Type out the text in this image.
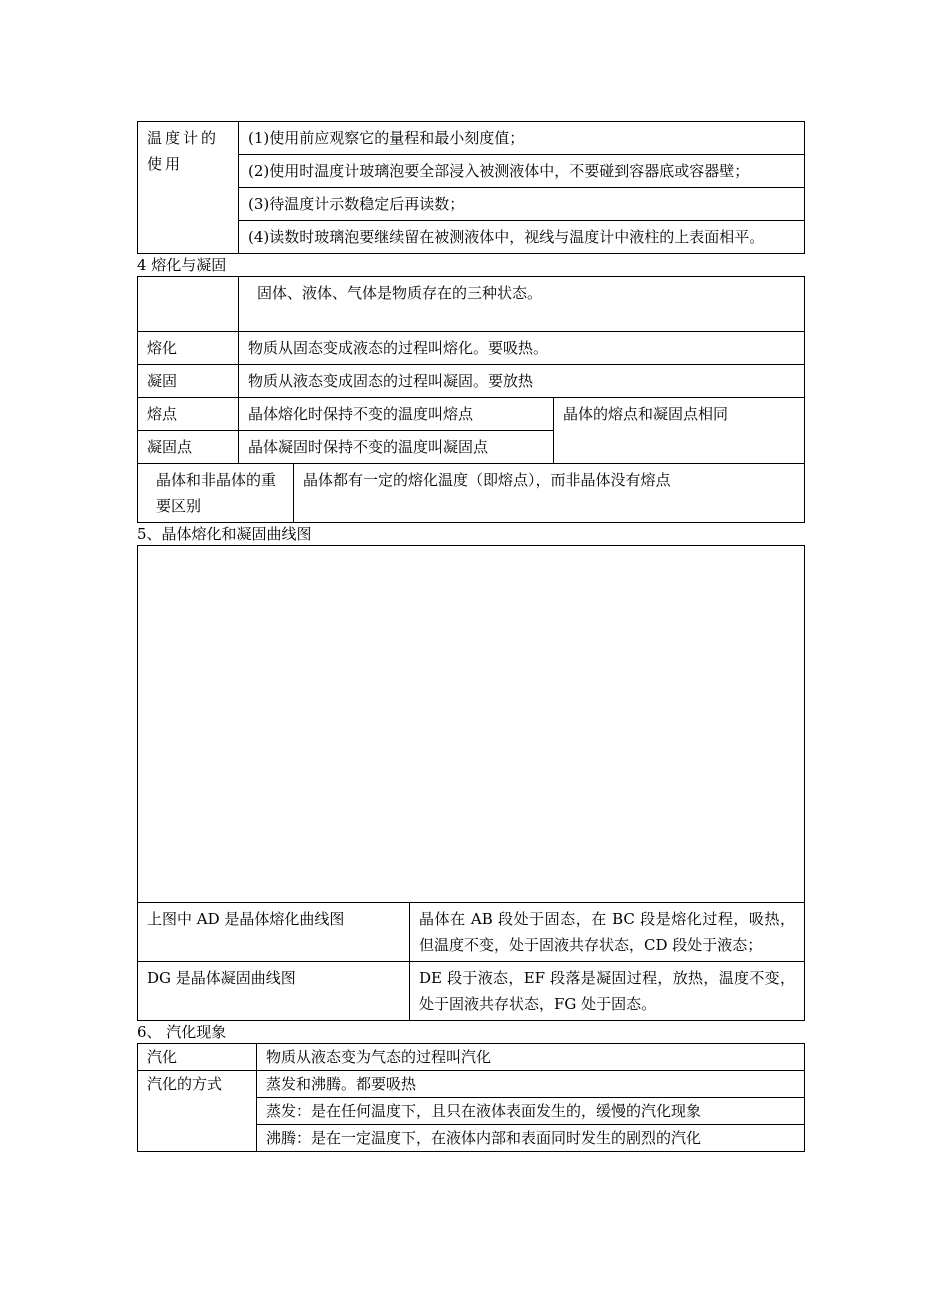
温度计的使用	(1)使用前应观察它的量程和最小刻度值；
(2)使用时温度计玻璃泡要全部浸入被测液体中，不要碰到容器底或容器壁；
(3)待温度计示数稳定后再读数；
(4)读数时玻璃泡要继续留在被测液体中，视线与温度计中液柱的上表面相平。
4 熔化与凝固
	固体、液体、气体是物质存在的三种状态。		
熔化	物质从固态变成液态的过程叫熔化。要吸热。		
凝固	物质从液态变成固态的过程叫凝固。要放热		
熔点	晶体熔化时保持不变的温度叫熔点		晶体的熔点和凝固点相同
凝固点	晶体凝固时保持不变的温度叫凝固点		
晶体和非晶体的重要区别		晶体都有一定的熔化温度（即熔点），而非晶体没有熔点	
5、晶体熔化和凝固曲线图

上图中 AD 是晶体熔化曲线图	晶体在 AB 段处于固态，在 BC 段是熔化过程，吸热，但温度不变，处于固液共存状态，CD 段处于液态；
DG 是晶体凝固曲线图	DE 段于液态，EF 段落是凝固过程，放热，温度不变，处于固液共存状态，FG 处于固态。
6、 汽化现象
汽化	物质从液态变为气态的过程叫汽化
汽化的方式	蒸发和沸腾。都要吸热
	蒸发：是在任何温度下，且只在液体表面发生的，缓慢的汽化现象
	沸腾：是在一定温度下，在液体内部和表面同时发生的剧烈的汽化
